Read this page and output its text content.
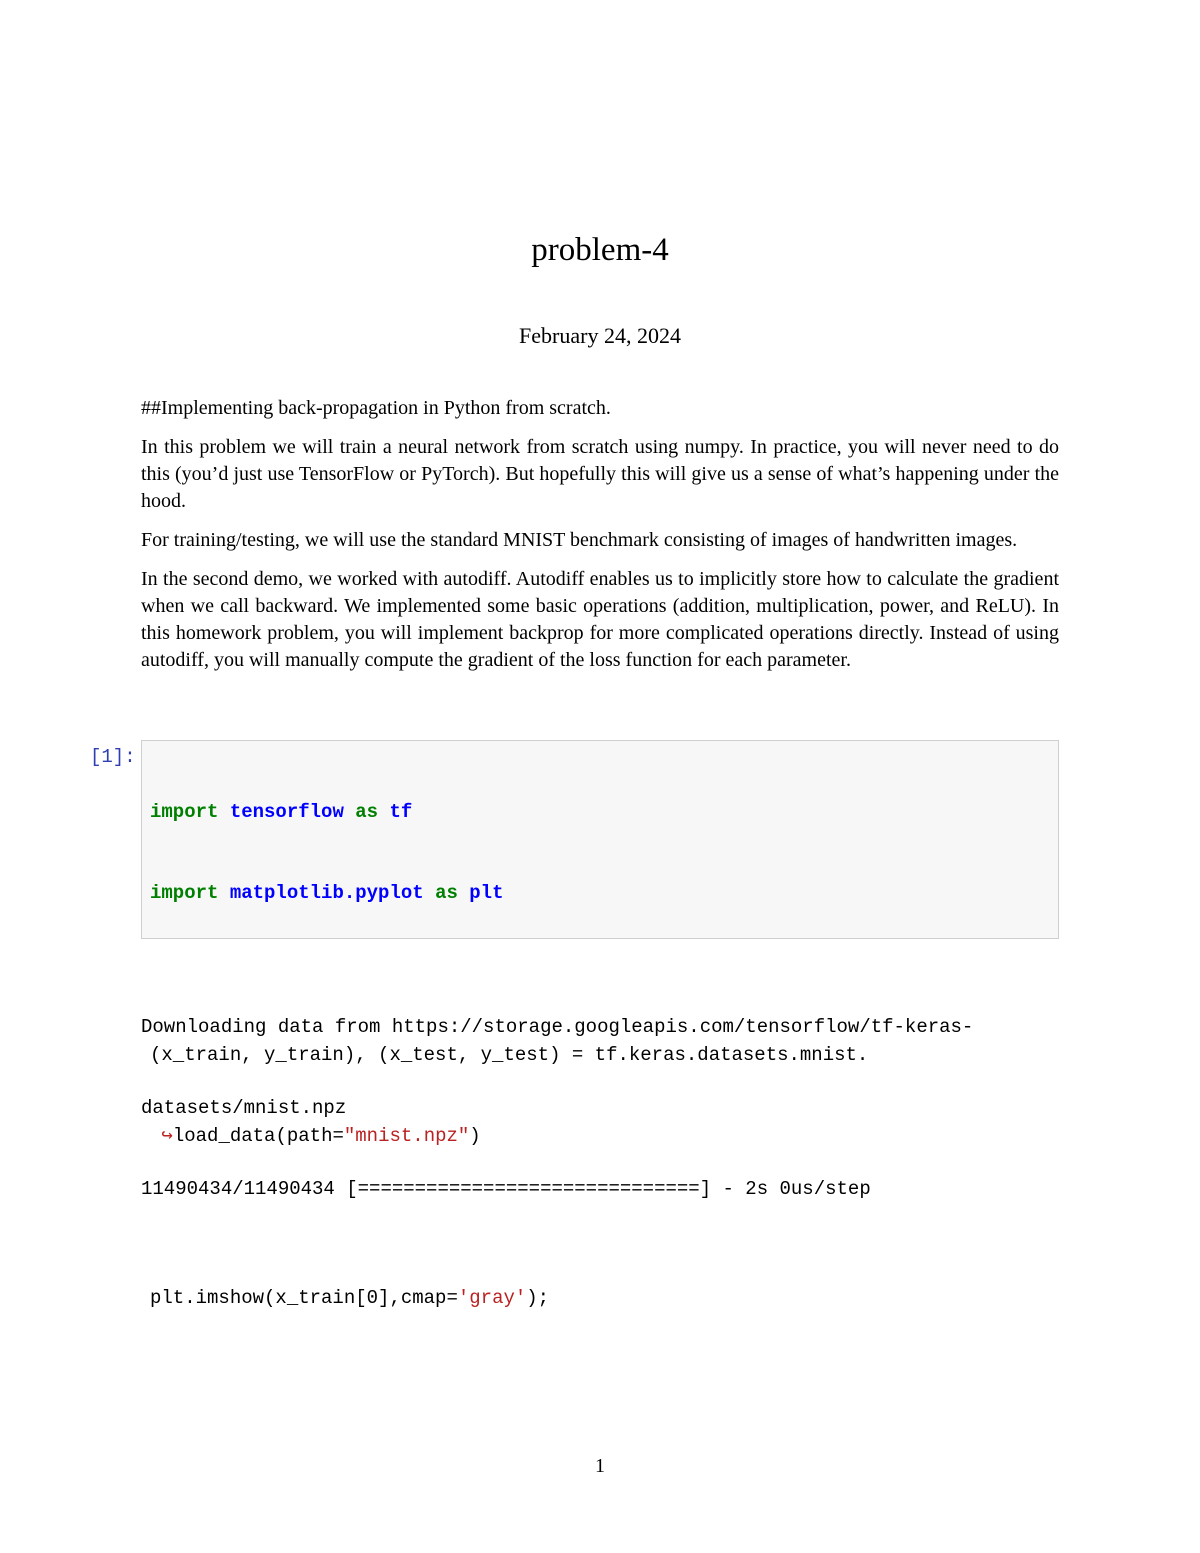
problem-4
February 24, 2024

##Implementing back-propagation in Python from scratch.

In this problem we will train a neural network from scratch using numpy. In practice, you will never need to do this (you’d just use TensorFlow or PyTorch). But hopefully this will give us a sense of what’s happening under the hood.

For training/testing, we will use the standard MNIST benchmark consisting of images of handwritten images.

In the second demo, we worked with autodiff. Autodiff enables us to implicitly store how to calculate the gradient when we call backward. We implemented some basic operations (addition, multiplication, power, and ReLU). In this homework problem, you will implement backprop for more complicated operations directly. Instead of using autodiff, you will manually compute the gradient of the loss function for each parameter.

[1]:

import tensorflow as tf

import matplotlib.pyplot as plt

(x_train, y_train), (x_test, y_test) = tf.keras.datasets.mnist.

↪load_data(path="mnist.npz")

plt.imshow(x_train[0],cmap='gray');

Downloading data from https://storage.googleapis.com/tensorflow/tf-keras-

datasets/mnist.npz

11490434/11490434 [==============================] - 2s 0us/step

1
